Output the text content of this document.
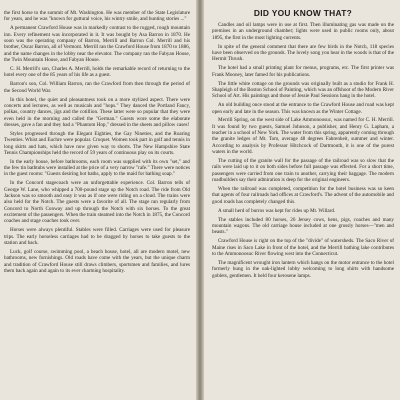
the first horse to the summit of Mt. Washington. He was member of the State Legislature for years, and he was "known for guttural voice, his wintry smile, and hunting stories ..."

A permanent Crawford House was in markedly contrast to the rugged, rough mountain inn. Every refinement was incorporated in it. It was bought by Asa Barron in 1870. He soon was the operating company of Barron, Merrill and Barron Col. Merrill and his brother, Oscar Barron, all of Vermont. Merrill ran the Crawford House from 1870 to 1886, and the name changes in the lobby near the elevator. The company ran the Fabyan House, the Twin Mountain House, and Fabyan House.

C. H. Merrill's son, Charles A. Merrill, holds the remarkable record of returning to the hotel every one of the 85 years of his life as a guest.

Barron's son, Col. William Barron, ran the Crawford from then through the period of the Second World War.

In this hotel, the quiet and pleasantness took on a more stylized aspect. There were concerts and lectures, as well as musicals and "hops." They danced the Portland Fancy, polkas, country dances, jigs and the cotillion. These latter were so popular that they were even held in the morning and called the "German." Guests wore some the elaborate dresses, gave a fan and they had a "Phantom Hop," dressed in the sheets and pillow cases!

Styles progressed through the Elegant Eighties, the Gay Nineties, and the Roaring Twenties. Whist and Euchre were popular. Croquet. Women took part in golf and tennis in long skirts and hats, which have now given way to shorts. The New Hampshire State Tennis Championships held the record of 59 years of continuous play on its courts.

In the early house, before bathrooms, each room was supplied with its own "set," and the few tin bathtubs were installed at the price of a very narrow "rafe." There were notices in the guest rooms: "Guests desiring hot baths, apply to the maid for bathing soap."

In the Concord stagecoach were an unforgettable experience. Col. Barron tells of George W. Lane, who whipped a 700-pound stage up the Notch road. The ride from Old Jackson was so smooth and easy it was as if one were riding on a cloud. The trains were also held for the Notch. The guests were a favorite of all. The stage ran regularly from Concord to North Conway and up through the Notch with six horses. To the great excitement of the passengers. When the train steamed into the Notch in 1875, the Concord coaches and stage coaches took over.

Horses were always plentiful. Stables were filled. Carriages were used for pleasure trips. The early horseless carriages had to be dragged by horses to take guests to the station and back.

Luck, golf course, swimming pool, a beach house, hotel, all are modern motel, new bathrooms, new furnishings. Old roads have come with the years, but the unique charm and tradition of Crawford House still draws climbers, sportsmen and families, and lures them back again and again to its ever charming hospitality.

DID YOU KNOW THAT?

Candles and oil lamps were in use at first. Then illuminating gas was made on the premises in an underground chamber; lights were used in public rooms only, about 1895, the first in the most lighting currents.

In spite of the general comment that there are few birds in the Notch, 118 species have been observed on the grounds. The lovely song you hear in the woods is that of the Hermit Thrush.

The hotel had a small printing plant for menus, programs, etc. The first printer was Frank Mooney, later famed for his publications.

The little white cottage on the grounds was originally built as a studio for Frank H. Shapleigh of the Boston School of Painting, which was an offshoot of the Modern River School of Art. His paintings and those of Jessie Paul Sessions hang in the hotel.

An old building once stood at the entrance to the Crawford House and road was kept open early and late in the season. This was known as the Winter Cottage.

Merrill Spring, on the west side of Lake Ammonoosuc, was named for C. H. Merrill. It was found by two guests, Samuel Johnson, a publisher, and Henry G. Lapham, a teacher in a school of New York. The water from this spring, apparently coming through the granite ledges of Mt. Tom, average 48 degrees Fahrenheit, summer and winter. According to analysis by Professor Hitchcock of Dartmouth, it is one of the purest waters in the world.

The cutting of the granite wall for the passage of the railroad was so slow that the rails were laid up to it on both sides before full passage was effected. For a short time, passengers were carried from one train to another, carrying their baggage. The modern roadbuilders say their admiration is deep for the original engineers.

When the railroad was completed, competition for the hotel business was so keen that agents of four railroads had offices at Crawford's. The advent of the automobile and good roads has completely changed this.

A small herd of burros was kept for rides up Mt. Willard.

The stables included 80 horses, 26 Jersey cows, hens, pigs, coaches and many mountain wagons. The old carriage house included at one grossly horses—"men and beasts."

Crawford House is right on the top of the "divide" of watersheds. The Saco River of Maine rises in Saco Lake in front of the hotel, and the Merrill bathing lake contributes to the Ammonoosuc River flowing west into the Connecticut.

The magnificent wrought iron lantern which hangs on the motor entrance to the hotel formerly hung in the oak-lighted lobby welcoming to long shirts with handsome goblets, gentlemen. It held four kerosene lamps.
